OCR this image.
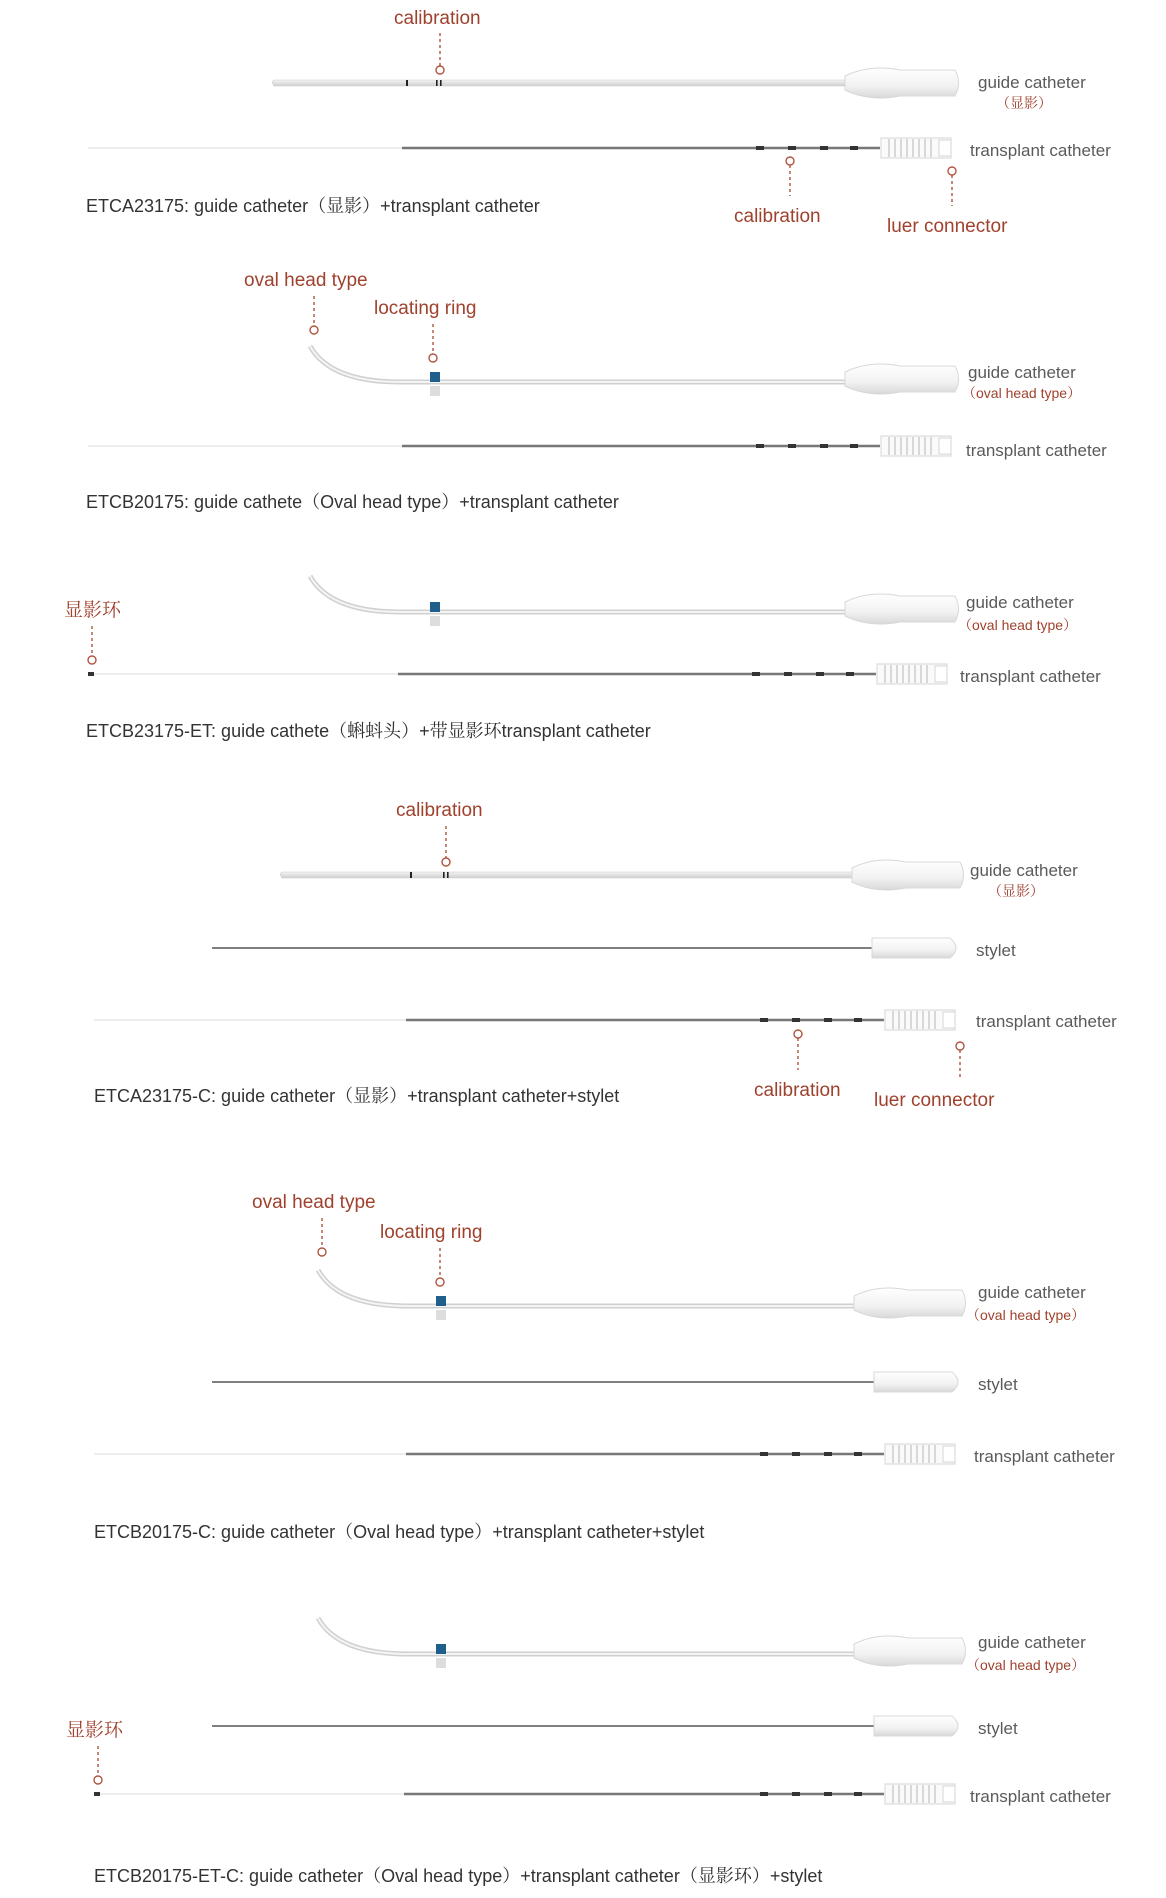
calibration
guide catheter
（显影）
transplant catheter
calibration	luer connector
ETCA23175: guide catheter（显影）+transplant catheter
oval head type
locating ring
guide catheter
（oval head type）
transplant catheter
ETCB20175: guide cathete（Oval head type）+transplant catheter
显影环	guide catheter
（oval head type）
transplant catheter
ETCB23175-ET: guide cathete（蝌蚪头）+带显影环transplant catheter
calibration
guide catheter
（显影）
stylet
transplant catheter
calibration luer connector
ETCA23175-C: guide catheter（显影）+transplant catheter+stylet
oval head type
locating ring
guide catheter
（oval head type）
stylet
transplant catheter
ETCB20175-C: guide catheter（Oval head type）+transplant catheter+stylet
guide catheter
（oval head type）
显影环	stylet
transplant catheter
ETCB20175-ET-C: guide catheter（Oval head type）+transplant catheter（显影环）+stylet
